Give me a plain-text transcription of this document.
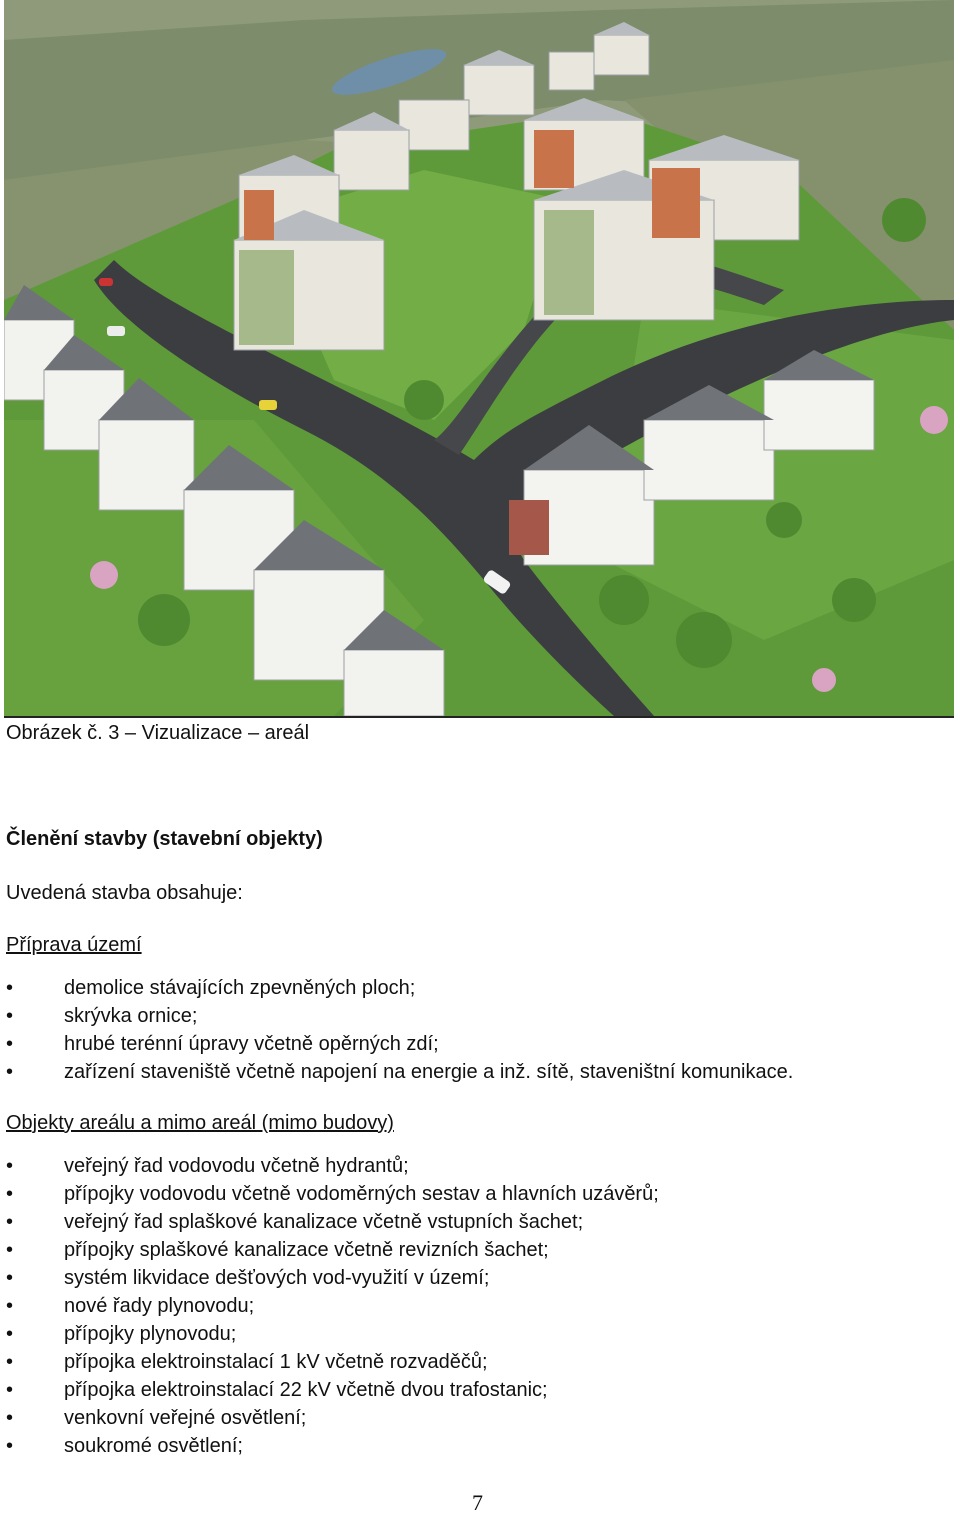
Obrázek č. 3 – Vizualizace – areál
Členění stavby (stavební objekty)
Uvedená stavba obsahuje:
Příprava území
•	demolice stávajících zpevněných ploch;
•	skrývka ornice;
•	hrubé terénní úpravy včetně opěrných zdí;
•	zařízení staveniště včetně napojení na energie a inž. sítě, staveništní komunikace.
Objekty areálu a mimo areál (mimo budovy)
•	veřejný řad vodovodu včetně hydrantů;
•	přípojky vodovodu včetně vodoměrných sestav a hlavních uzávěrů;
•	veřejný řad splaškové kanalizace včetně vstupních šachet;
•	přípojky splaškové kanalizace včetně revizních šachet;
•	systém likvidace dešťových vod-využití v území;
•	nové řady plynovodu;
•	přípojky plynovodu;
•	přípojka elektroinstalací 1 kV včetně rozvaděčů;
•	přípojka elektroinstalací 22 kV včetně dvou trafostanic;
•	venkovní veřejné osvětlení;
•	soukromé osvětlení;
7
